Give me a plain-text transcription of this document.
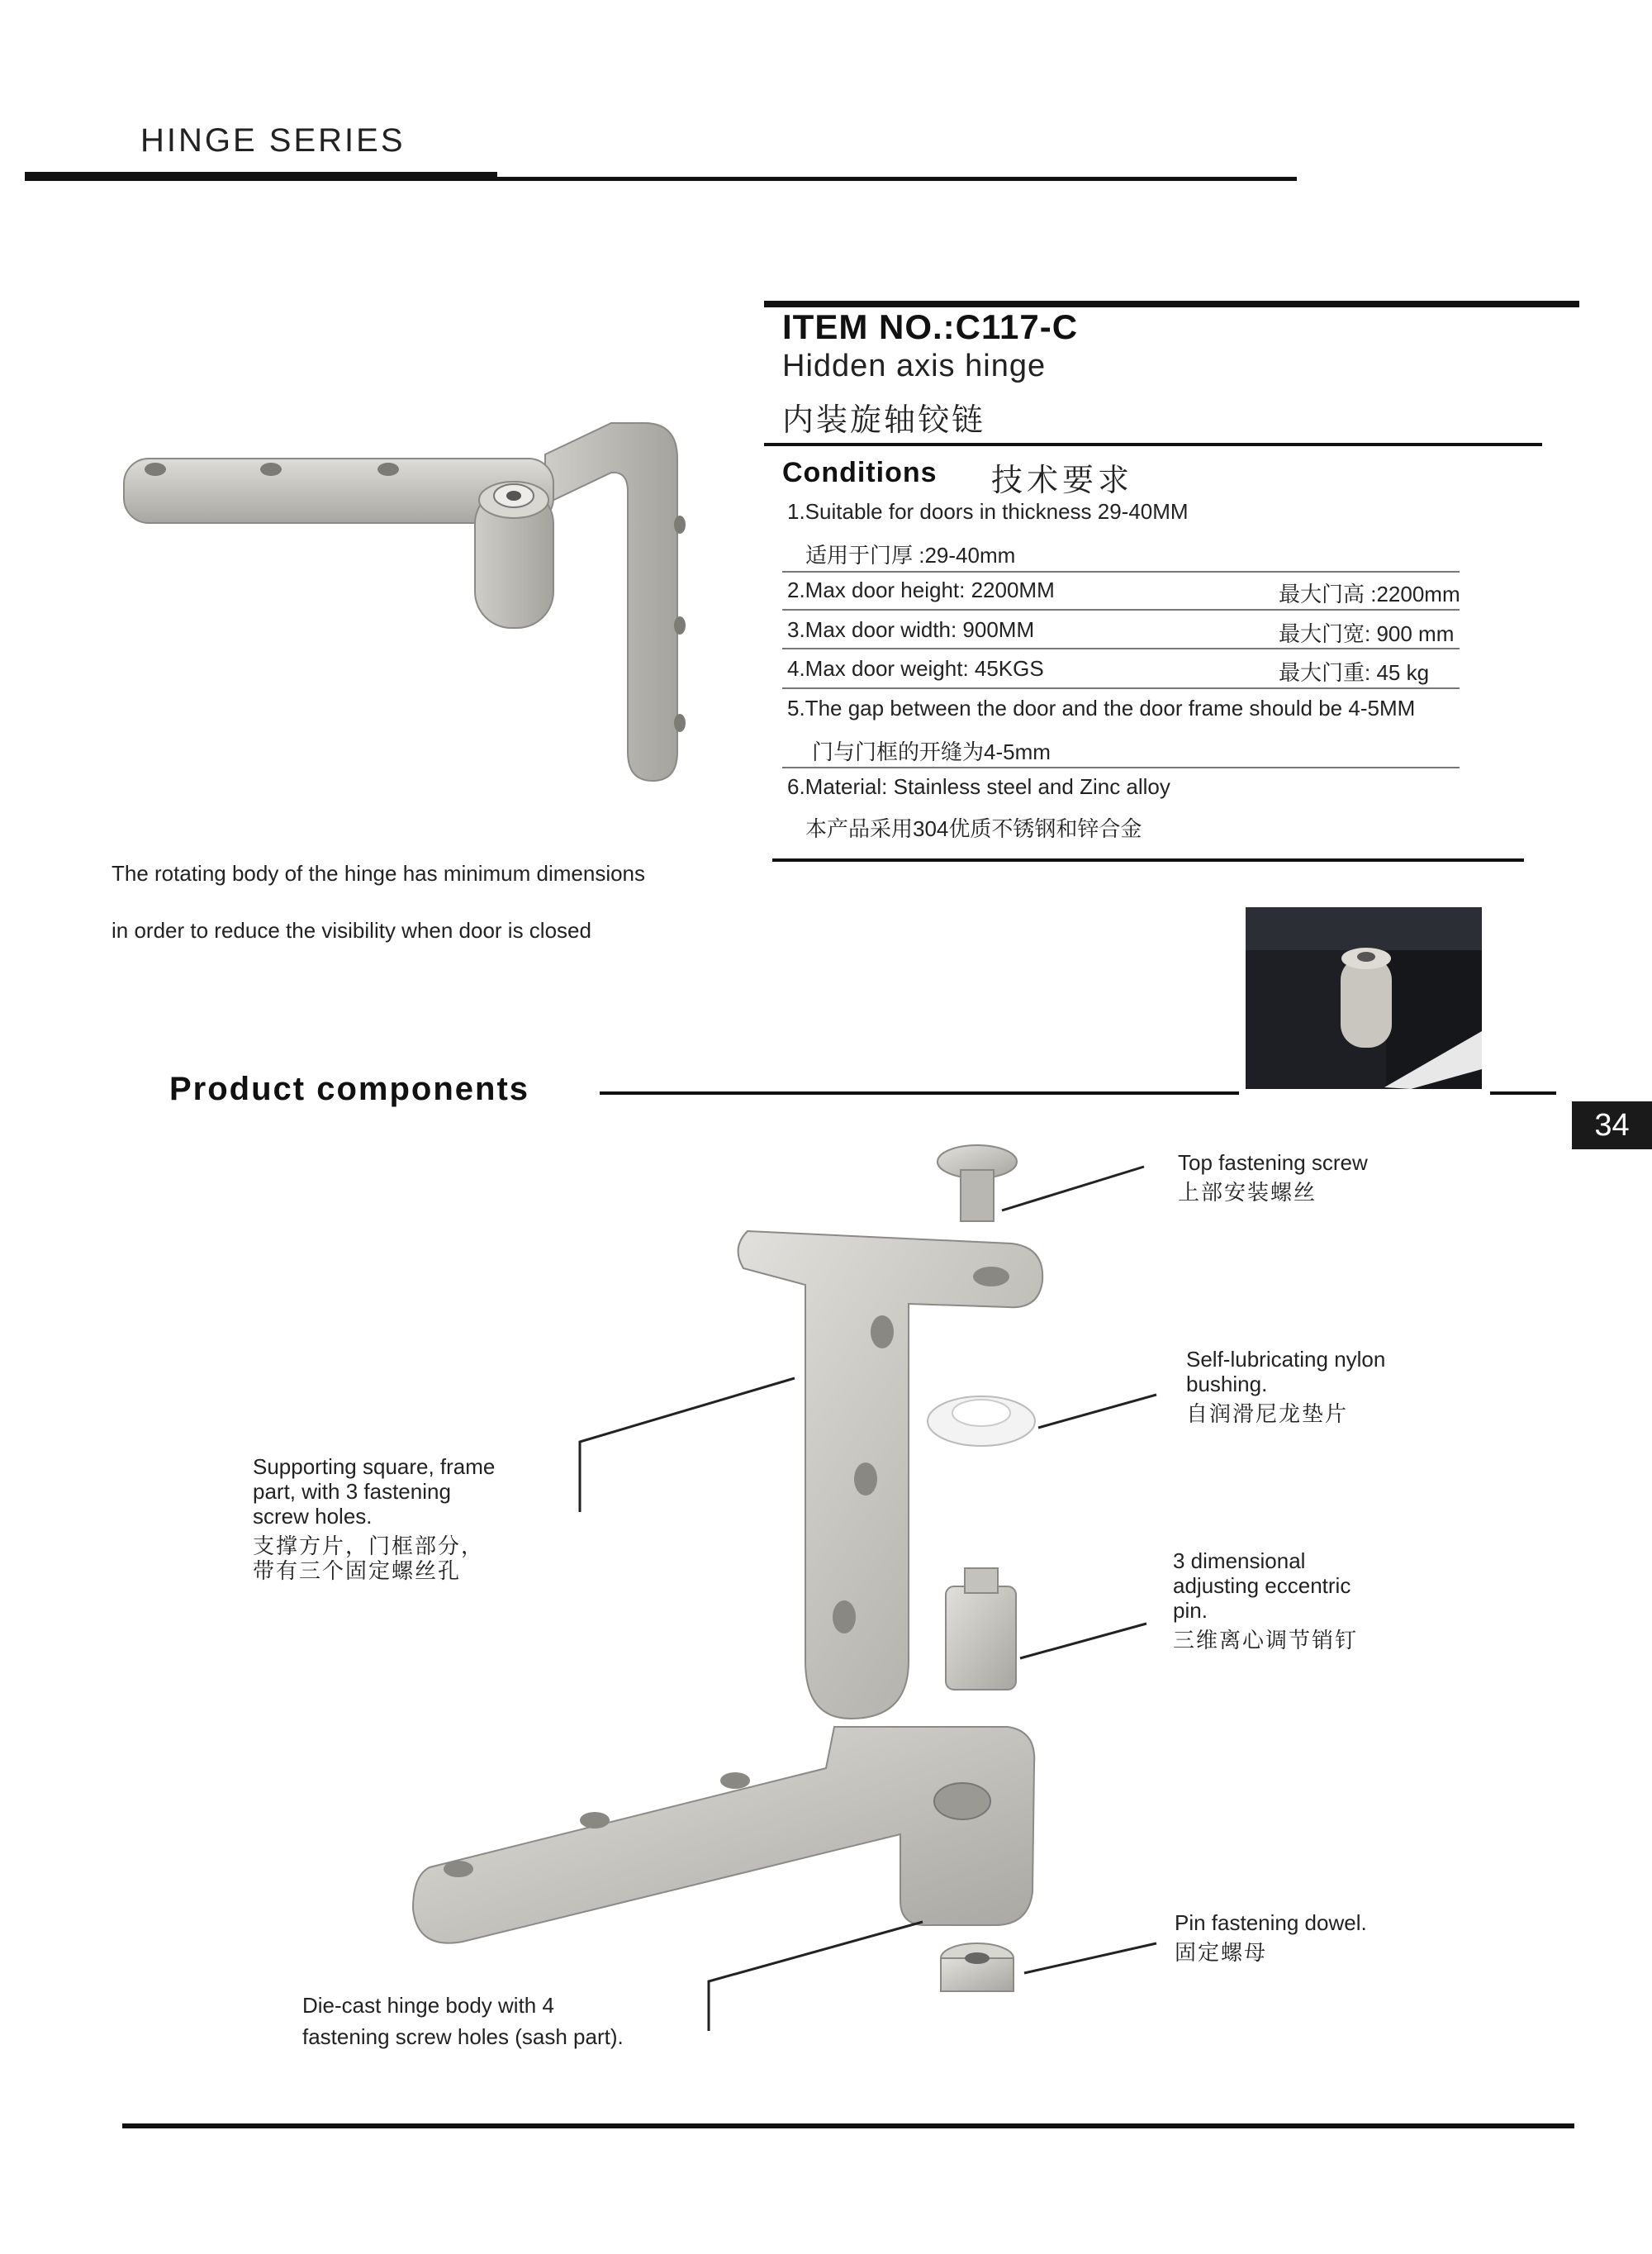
HINGE SERIES
ITEM NO.:C117-C
Hidden axis hinge
内装旋轴铰链
Conditions 技术要求
1.Suitable for doors in thickness 29-40MM
适用于门厚 :29-40mm
2.Max door height: 2200MM	最大门高 :2200mm
3.Max door width: 900MM	最大门宽: 900 mm
4.Max door weight: 45KGS	最大门重: 45 kg
5.The gap between the door and the door frame should be 4-5MM
门与门框的开缝为4-5mm
6.Material: Stainless steel and Zinc alloy
本产品采用304优质不锈钢和锌合金
The rotating body of the hinge has minimum dimensions
in order to reduce the visibility when door is closed
Product components
34
Top fastening screw
上部安装螺丝
Self-lubricating nylon
bushing.
自润滑尼龙垫片
Supporting square, frame
part, with 3 fastening
screw holes.
支撑方片，门框部分，
带有三个固定螺丝孔	3 dimensional
adjusting eccentric
pin.
三维离心调节销钉
Pin fastening dowel.
固定螺母
Die-cast hinge body with 4
fastening screw holes (sash part).
